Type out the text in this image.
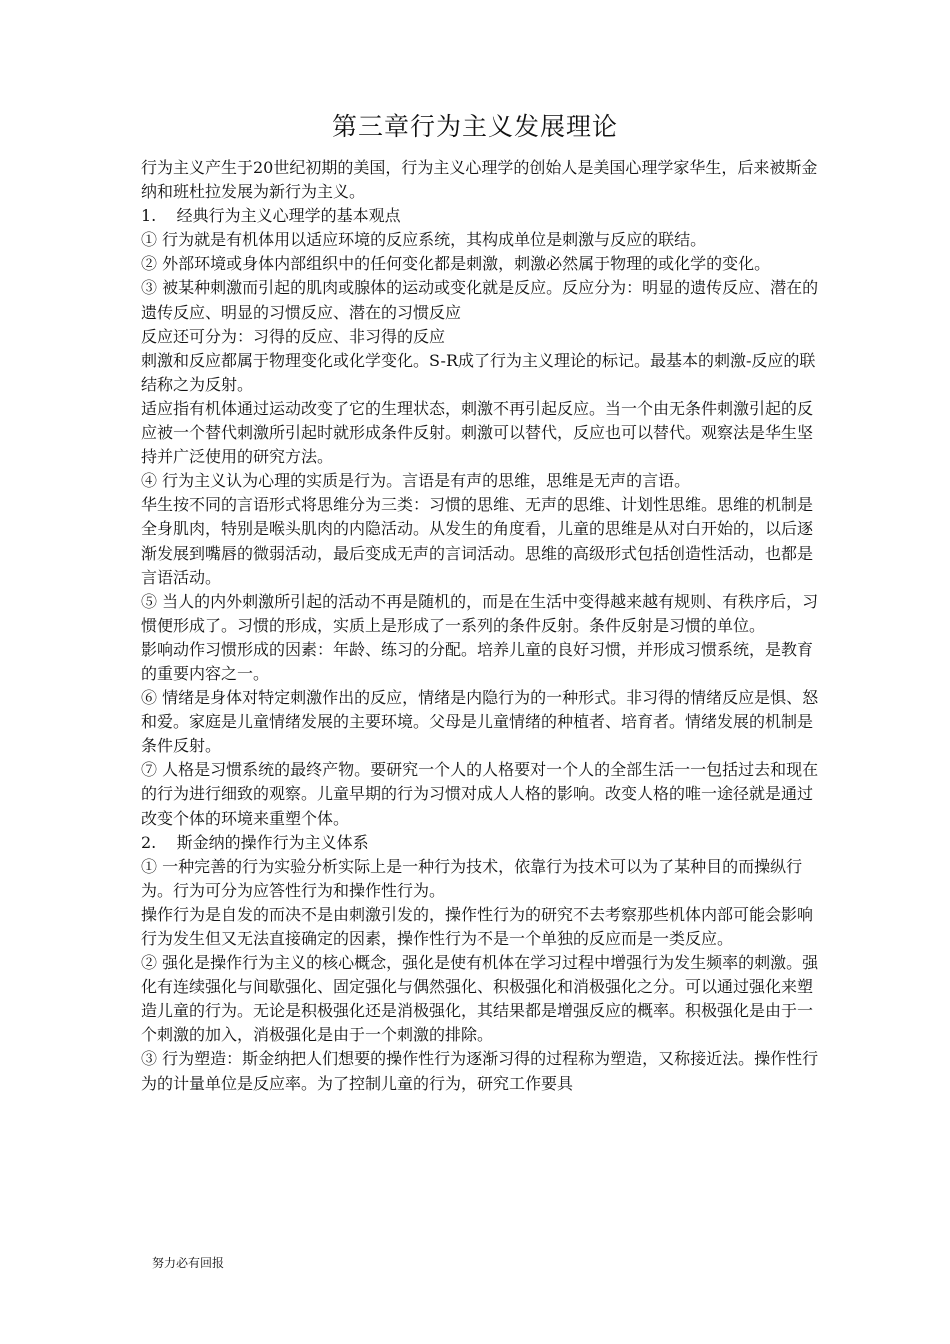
第三章行为主义发展理论

行为主义产生于20世纪初期的美国，行为主义心理学的创始人是美国心理学家华生，后来被斯金纳和班杜拉发展为新行为主义。

1.    经典行为主义心理学的基本观点

① 行为就是有机体用以适应环境的反应系统，其构成单位是刺激与反应的联结。

② 外部环境或身体内部组织中的任何变化都是刺激，刺激必然属于物理的或化学的变化。

③ 被某种刺激而引起的肌肉或腺体的运动或变化就是反应。反应分为：明显的遗传反应、潜在的遗传反应、明显的习惯反应、潜在的习惯反应

反应还可分为：习得的反应、非习得的反应

刺激和反应都属于物理变化或化学变化。S-R成了行为主义理论的标记。最基本的刺激-反应的联结称之为反射。

适应指有机体通过运动改变了它的生理状态，刺激不再引起反应。当一个由无条件刺激引起的反应被一个替代刺激所引起时就形成条件反射。刺激可以替代，反应也可以替代。观察法是华生坚持并广泛使用的研究方法。

④ 行为主义认为心理的实质是行为。言语是有声的思维，思维是无声的言语。

华生按不同的言语形式将思维分为三类：习惯的思维、无声的思维、计划性思维。思维的机制是全身肌肉，特别是喉头肌肉的内隐活动。从发生的角度看，儿童的思维是从对白开始的，以后逐渐发展到嘴唇的微弱活动，最后变成无声的言词活动。思维的高级形式包括创造性活动，也都是言语活动。

⑤ 当人的内外刺激所引起的活动不再是随机的，而是在生活中变得越来越有规则、有秩序后，习惯便形成了。习惯的形成，实质上是形成了一系列的条件反射。条件反射是习惯的单位。

影响动作习惯形成的因素：年龄、练习的分配。培养儿童的良好习惯，并形成习惯系统，是教育的重要内容之一。

⑥ 情绪是身体对特定刺激作出的反应，情绪是内隐行为的一种形式。非习得的情绪反应是惧、怒和爱。家庭是儿童情绪发展的主要环境。父母是儿童情绪的种植者、培育者。情绪发展的机制是条件反射。

⑦ 人格是习惯系统的最终产物。要研究一个人的人格要对一个人的全部生活一一包括过去和现在的行为进行细致的观察。儿童早期的行为习惯对成人人格的影响。改变人格的唯一途径就是通过改变个体的环境来重塑个体。

2.    斯金纳的操作行为主义体系

① 一种完善的行为实验分析实际上是一种行为技术，依靠行为技术可以为了某种目的而操纵行为。行为可分为应答性行为和操作性行为。

操作行为是自发的而决不是由刺激引发的，操作性行为的研究不去考察那些机体内部可能会影响行为发生但又无法直接确定的因素，操作性行为不是一个单独的反应而是一类反应。

② 强化是操作行为主义的核心概念，强化是使有机体在学习过程中增强行为发生频率的刺激。强化有连续强化与间歇强化、固定强化与偶然强化、积极强化和消极强化之分。可以通过强化来塑造儿童的行为。无论是积极强化还是消极强化，其结果都是增强反应的概率。积极强化是由于一个刺激的加入，消极强化是由于一个刺激的排除。

③ 行为塑造：斯金纳把人们想要的操作性行为逐渐习得的过程称为塑造，又称接近法。操作性行为的计量单位是反应率。为了控制儿童的行为，研究工作要具

努力必有回报
